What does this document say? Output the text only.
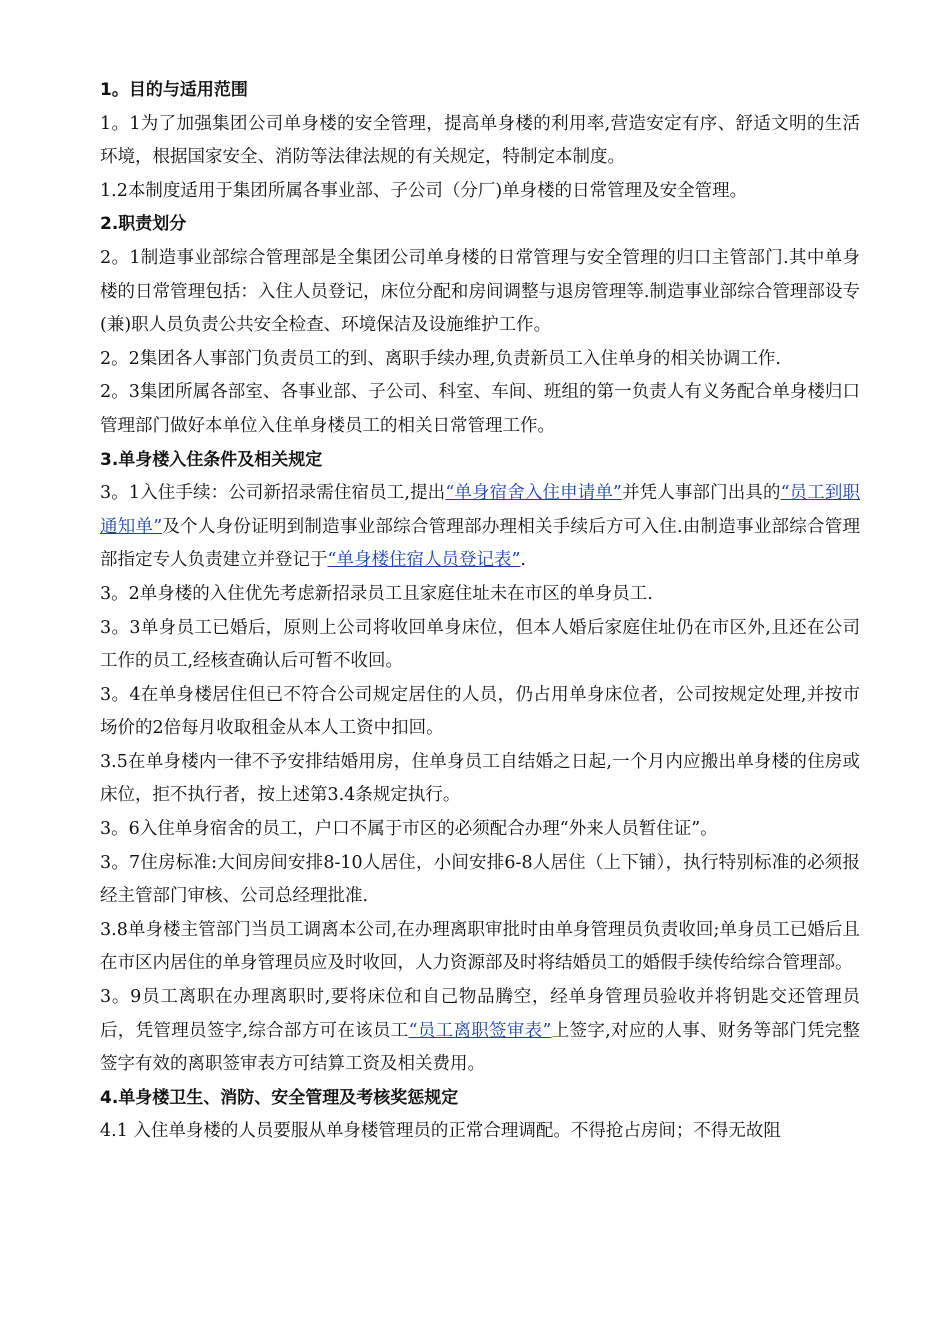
1。目的与适用范围

1。1为了加强集团公司单身楼的安全管理，提高单身楼的利用率,营造安定有序、舒适文明的生活环境，根据国家安全、消防等法律法规的有关规定，特制定本制度。

1.2本制度适用于集团所属各事业部、子公司（分厂)单身楼的日常管理及安全管理。

2.职责划分

2。1制造事业部综合管理部是全集团公司单身楼的日常管理与安全管理的归口主管部门.其中单身楼的日常管理包括：入住人员登记，床位分配和房间调整与退房管理等.制造事业部综合管理部设专(兼)职人员负责公共安全检查、环境保洁及设施维护工作。

2。2集团各人事部门负责员工的到、离职手续办理,负责新员工入住单身的相关协调工作.

2。3集团所属各部室、各事业部、子公司、科室、车间、班组的第一负责人有义务配合单身楼归口管理部门做好本单位入住单身楼员工的相关日常管理工作。

3.单身楼入住条件及相关规定

3。1入住手续：公司新招录需住宿员工,提出“单身宿舍入住申请单”并凭人事部门出具的“员工到职通知单”及个人身份证明到制造事业部综合管理部办理相关手续后方可入住.由制造事业部综合管理部指定专人负责建立并登记于“单身楼住宿人员登记表”.

3。2单身楼的入住优先考虑新招录员工且家庭住址未在市区的单身员工.

3。3单身员工已婚后，原则上公司将收回单身床位，但本人婚后家庭住址仍在市区外,且还在公司工作的员工,经核查确认后可暂不收回。

3。4在单身楼居住但已不符合公司规定居住的人员，仍占用单身床位者，公司按规定处理,并按市场价的2倍每月收取租金从本人工资中扣回。

3.5在单身楼内一律不予安排结婚用房，住单身员工自结婚之日起,一个月内应搬出单身楼的住房或床位，拒不执行者，按上述第3.4条规定执行。

3。6入住单身宿舍的员工，户口不属于市区的必须配合办理“外来人员暂住证”。

3。7住房标准:大间房间安排8-10人居住，小间安排6-8人居住（上下铺），执行特别标准的必须报经主管部门审核、公司总经理批准.

3.8单身楼主管部门当员工调离本公司,在办理离职审批时由单身管理员负责收回;单身员工已婚后且在市区内居住的单身管理员应及时收回，人力资源部及时将结婚员工的婚假手续传给综合管理部。

3。9员工离职在办理离职时,要将床位和自己物品腾空，经单身管理员验收并将钥匙交还管理员后，凭管理员签字,综合部方可在该员工“员工离职签审表”上签字,对应的人事、财务等部门凭完整签字有效的离职签审表方可结算工资及相关费用。

4.单身楼卫生、消防、安全管理及考核奖惩规定

4.1 入住单身楼的人员要服从单身楼管理员的正常合理调配。不得抢占房间；不得无故阻
